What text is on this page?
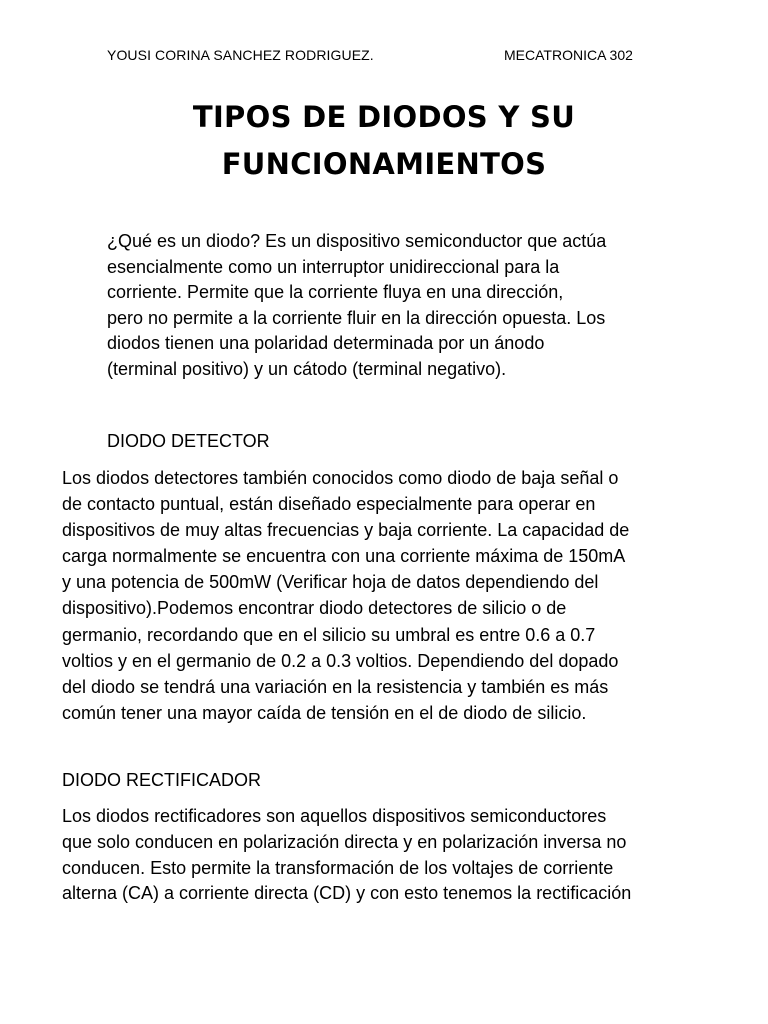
YOUSI CORINA SANCHEZ RODRIGUEZ.	MECATRONICA 302
TIPOS DE DIODOS Y SU
FUNCIONAMIENTOS
¿Qué es un diodo? Es un dispositivo semiconductor que actúa
esencialmente como un interruptor unidireccional para la
corriente. Permite que la corriente fluya en una dirección,
pero no permite a la corriente fluir en la dirección opuesta. Los
diodos tienen una polaridad determinada por un ánodo
(terminal positivo) y un cátodo (terminal negativo).
DIODO DETECTOR
Los diodos detectores también conocidos como diodo de baja señal o
de contacto puntual, están diseñado especialmente para operar en
dispositivos de muy altas frecuencias y baja corriente. La capacidad de
carga normalmente se encuentra con una corriente máxima de 150mA
y una potencia de 500mW (Verificar hoja de datos dependiendo del
dispositivo).Podemos encontrar diodo detectores de silicio o de
germanio, recordando que en el silicio su umbral es entre 0.6 a 0.7
voltios y en el germanio de 0.2 a 0.3 voltios. Dependiendo del dopado
del diodo se tendrá una variación en la resistencia y también es más
común tener una mayor caída de tensión en el de diodo de silicio.
DIODO RECTIFICADOR
Los diodos rectificadores son aquellos dispositivos semiconductores
que solo conducen en polarización directa y en polarización inversa no
conducen. Esto permite la transformación de los voltajes de corriente
alterna (CA) a corriente directa (CD) y con esto tenemos la rectificación
